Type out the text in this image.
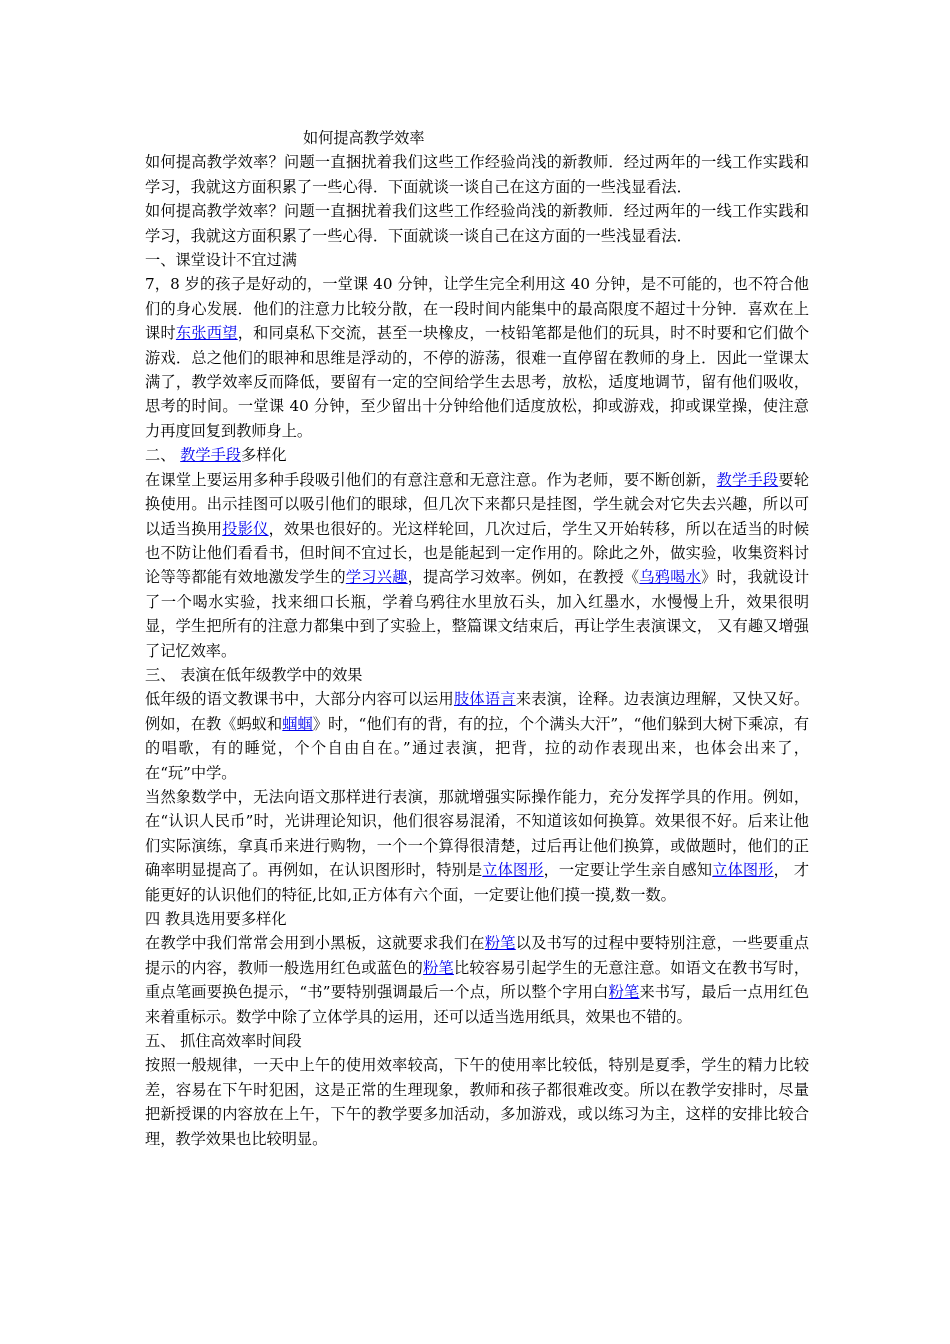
如何提高教学效率

如何提高教学效率？问题一直捆扰着我们这些工作经验尚浅的新教师．经过两年的一线工作实践和学习，我就这方面积累了一些心得．下面就谈一谈自己在这方面的一些浅显看法．

如何提高教学效率？问题一直捆扰着我们这些工作经验尚浅的新教师．经过两年的一线工作实践和学习，我就这方面积累了一些心得．下面就谈一谈自己在这方面的一些浅显看法．

一、课堂设计不宜过满

7，8 岁的孩子是好动的，一堂课 40 分钟，让学生完全利用这 40 分钟，是不可能的，也不符合他们的身心发展．他们的注意力比较分散，在一段时间内能集中的最高限度不超过十分钟．喜欢在上课时东张西望，和同桌私下交流，甚至一块橡皮，一枝铅笔都是他们的玩具，时不时要和它们做个游戏．总之他们的眼神和思维是浮动的，不停的游荡，很难一直停留在教师的身上．因此一堂课太满了，教学效率反而降低，要留有一定的空间给学生去思考，放松，适度地调节，留有他们吸收，思考的时间。一堂课 40 分钟，至少留出十分钟给他们适度放松，抑或游戏，抑或课堂操，使注意力再度回复到教师身上。

二、 教学手段多样化

在课堂上要运用多种手段吸引他们的有意注意和无意注意。作为老师，要不断创新，教学手段要轮换使用。出示挂图可以吸引他们的眼球，但几次下来都只是挂图，学生就会对它失去兴趣，所以可以适当换用投影仪，效果也很好的。光这样轮回，几次过后，学生又开始转移，所以在适当的时候也不防让他们看看书，但时间不宜过长，也是能起到一定作用的。除此之外，做实验，收集资料讨论等等都能有效地激发学生的学习兴趣，提高学习效率。例如，在教授《乌鸦喝水》时，我就设计了一个喝水实验，找来细口长瓶，学着乌鸦往水里放石头，加入红墨水，水慢慢上升，效果很明显，学生把所有的注意力都集中到了实验上，整篇课文结束后，再让学生表演课文， 又有趣又增强了记忆效率。

三、 表演在低年级教学中的效果

低年级的语文教课书中，大部分内容可以运用肢体语言来表演，诠释。边表演边理解，又快又好。例如，在教《蚂蚁和蝈蝈》时，“他们有的背，有的拉，个个满头大汗”，“他们躲到大树下乘凉，有的唱歌，有的睡觉，个个自由自在。”通过表演，把背，拉的动作表现出来，也体会出来了，在“玩”中学。

当然象数学中，无法向语文那样进行表演，那就增强实际操作能力，充分发挥学具的作用。例如，在“认识人民币”时，光讲理论知识，他们很容易混淆，不知道该如何换算。效果很不好。后来让他们实际演练，拿真币来进行购物，一个一个算得很清楚，过后再让他们换算，或做题时，他们的正确率明显提高了。再例如，在认识图形时，特别是立体图形，一定要让学生亲自感知立体图形， 才能更好的认识他们的特征,比如,正方体有六个面，一定要让他们摸一摸,数一数。

四 教具选用要多样化

在教学中我们常常会用到小黑板，这就要求我们在粉笔以及书写的过程中要特别注意，一些要重点提示的内容，教师一般选用红色或蓝色的粉笔比较容易引起学生的无意注意。如语文在教书写时，重点笔画要换色提示，“书”要特别强调最后一个点，所以整个字用白粉笔来书写，最后一点用红色来着重标示。数学中除了立体学具的运用，还可以适当选用纸具，效果也不错的。

五、 抓住高效率时间段

按照一般规律，一天中上午的使用效率较高，下午的使用率比较低，特别是夏季，学生的精力比较差，容易在下午时犯困，这是正常的生理现象，教师和孩子都很难改变。所以在教学安排时，尽量把新授课的内容放在上午，下午的教学要多加活动，多加游戏，或以练习为主，这样的安排比较合理，教学效果也比较明显。
